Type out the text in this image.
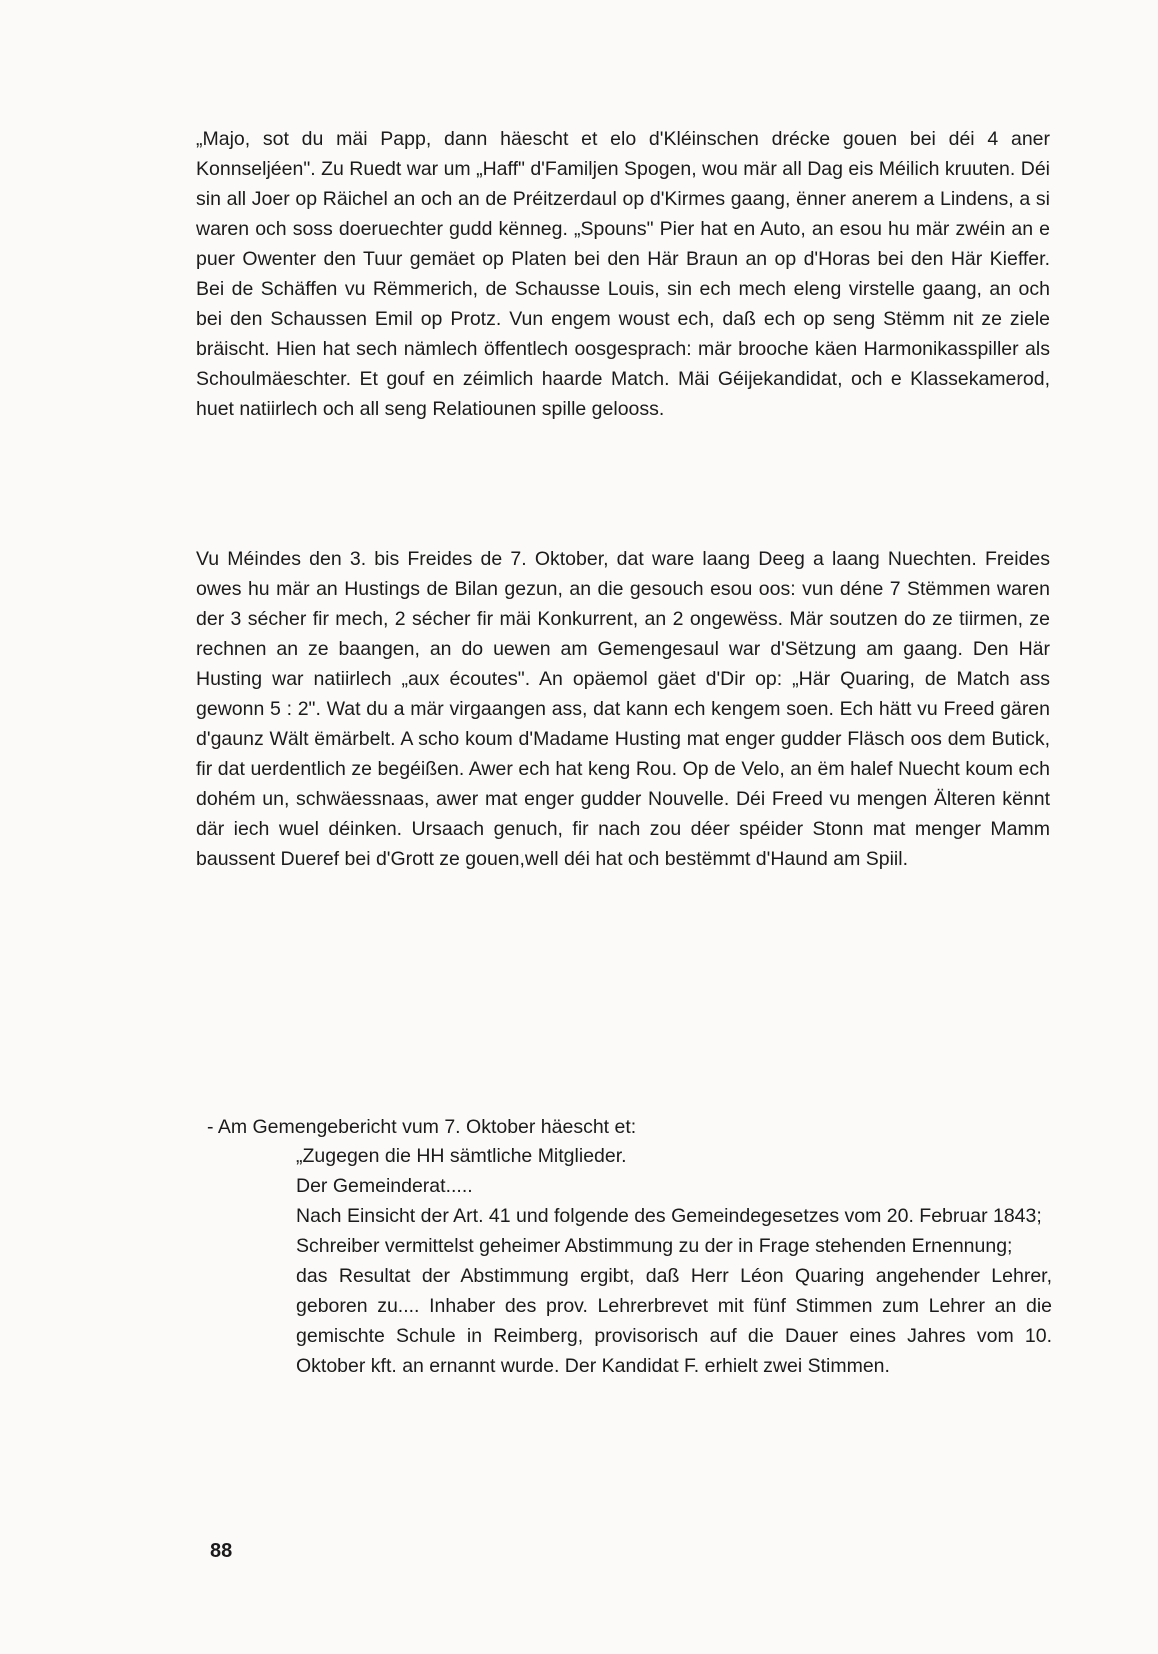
„Majo, sot du mäi Papp, dann häescht et elo d'Kléinschen drécke gouen bei déi 4 aner Konnseljéen". Zu Ruedt war um „Haff" d'Familjen Spogen, wou mär all Dag eis Méilich kruuten. Déi sin all Joer op Räichel an och an de Préitzerdaul op d'Kirmes gaang, ënner anerem a Lindens, a si waren och soss doeruechter gudd kënneg. „Spouns" Pier hat en Auto, an esou hu mär zwéin an e puer Owenter den Tuur gemäet op Platen bei den Här Braun an op d'Horas bei den Här Kieffer. Bei de Schäffen vu Rëmmerich, de Schausse Louis, sin ech mech eleng virstelle gaang, an och bei den Schaussen Emil op Protz. Vun engem woust ech, daß ech op seng Stëmm nit ze ziele bräischt. Hien hat sech nämlech öffentlech oosgesprach: mär brooche käen Harmonikasspiller als Schoulmäeschter. Et gouf en zéimlich haarde Match. Mäi Géijekandidat, och e Klassekamerod, huet natiirlech och all seng Relatiounen spille gelooss.

Vu Méindes den 3. bis Freides de 7. Oktober, dat ware laang Deeg a laang Nuechten. Freides owes hu mär an Hustings de Bilan gezun, an die gesouch esou oos: vun déne 7 Stëmmen waren der 3 sécher fir mech, 2 sécher fir mäi Konkurrent, an 2 ongewëss. Mär soutzen do ze tiirmen, ze rechnen an ze baangen, an do uewen am Gemengesaul war d'Sëtzung am gaang. Den Här Husting war natiirlech „aux écoutes". An opäemol gäet d'Dir op: „Här Quaring, de Match ass gewonn 5 : 2". Wat du a mär virgaangen ass, dat kann ech kengem soen. Ech hätt vu Freed gären d'gaunz Wält ëmärbelt. A scho koum d'Madame Husting mat enger gudder Fläsch oos dem Butick, fir dat uerdentlich ze begéißen. Awer ech hat keng Rou. Op de Velo, an ëm halef Nuecht koum ech dohém un, schwäessnaas, awer mat enger gudder Nouvelle. Déi Freed vu mengen Älteren kënnt där iech wuel déinken. Ursaach genuch, fir nach zou déer spéider Stonn mat menger Mamm baussent Dueref bei d'Grott ze gouen,well déi hat och bestëmmt d'Haund am Spiil.

- Am Gemengebericht vum 7. Oktober häescht et:

„Zugegen die HH sämtliche Mitglieder.

Der Gemeinderat.....

Nach Einsicht der Art. 41 und folgende des Gemeindegesetzes vom 20. Februar 1843;

Schreiber vermittelst geheimer Abstimmung zu der in Frage stehenden Ernennung;

das Resultat der Abstimmung ergibt, daß Herr Léon Quaring angehender Lehrer, geboren zu.... Inhaber des prov. Lehrerbrevet mit fünf Stimmen zum Lehrer an die gemischte Schule in Reimberg, provisorisch auf die Dauer eines Jahres vom 10. Oktober kft. an ernannt wurde. Der Kandidat F. erhielt zwei Stimmen.

88
